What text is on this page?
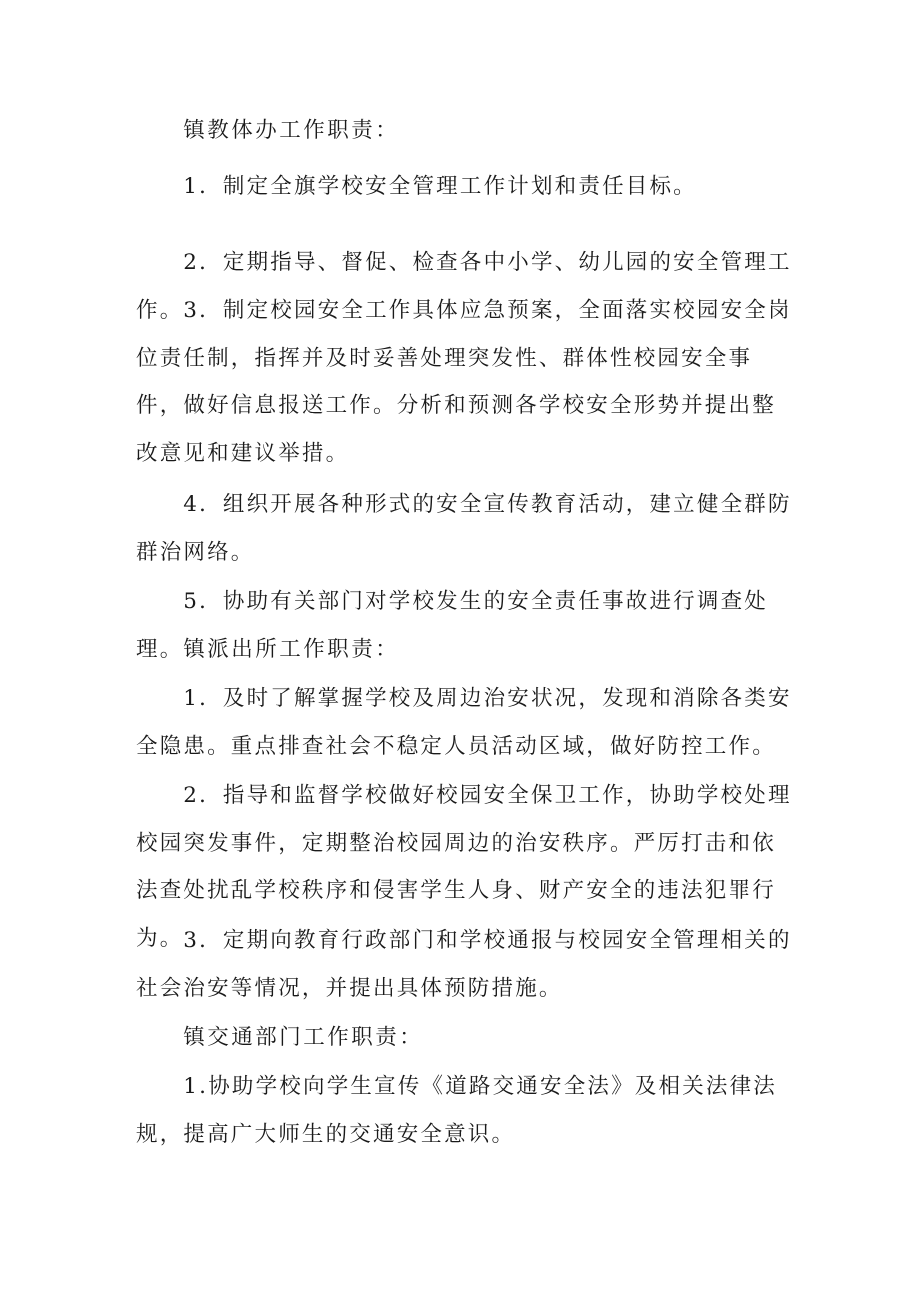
镇教体办工作职责：

1．制定全旗学校安全管理工作计划和责任目标。

2．定期指导、督促、检查各中小学、幼儿园的安全管理工作。 3．制定校园安全工作具体应急预案，全面落实校园安全岗位责任制，指挥并及时妥善处理突发性、群体性校园安全事件，做好信息报送工作。分析和预测各学校安全形势并提出整改意见和建议举措。

4．组织开展各种形式的安全宣传教育活动，建立健全群防群治网络。

5．协助有关部门对学校发生的安全责任事故进行调查处理。 镇派出所工作职责：

1．及时了解掌握学校及周边治安状况，发现和消除各类安全隐患。重点排查社会不稳定人员活动区域，做好防控工作。

2．指导和监督学校做好校园安全保卫工作，协助学校处理校园突发事件，定期整治校园周边的治安秩序。严厉打击和依法查处扰乱学校秩序和侵害学生人身、财产安全的违法犯罪行为。 3．定期向教育行政部门和学校通报与校园安全管理相关的社会治安等情况，并提出具体预防措施。

镇交通部门工作职责：

1.协助学校向学生宣传《道路交通安全法》及相关法律法规，提高广大师生的交通安全意识。
